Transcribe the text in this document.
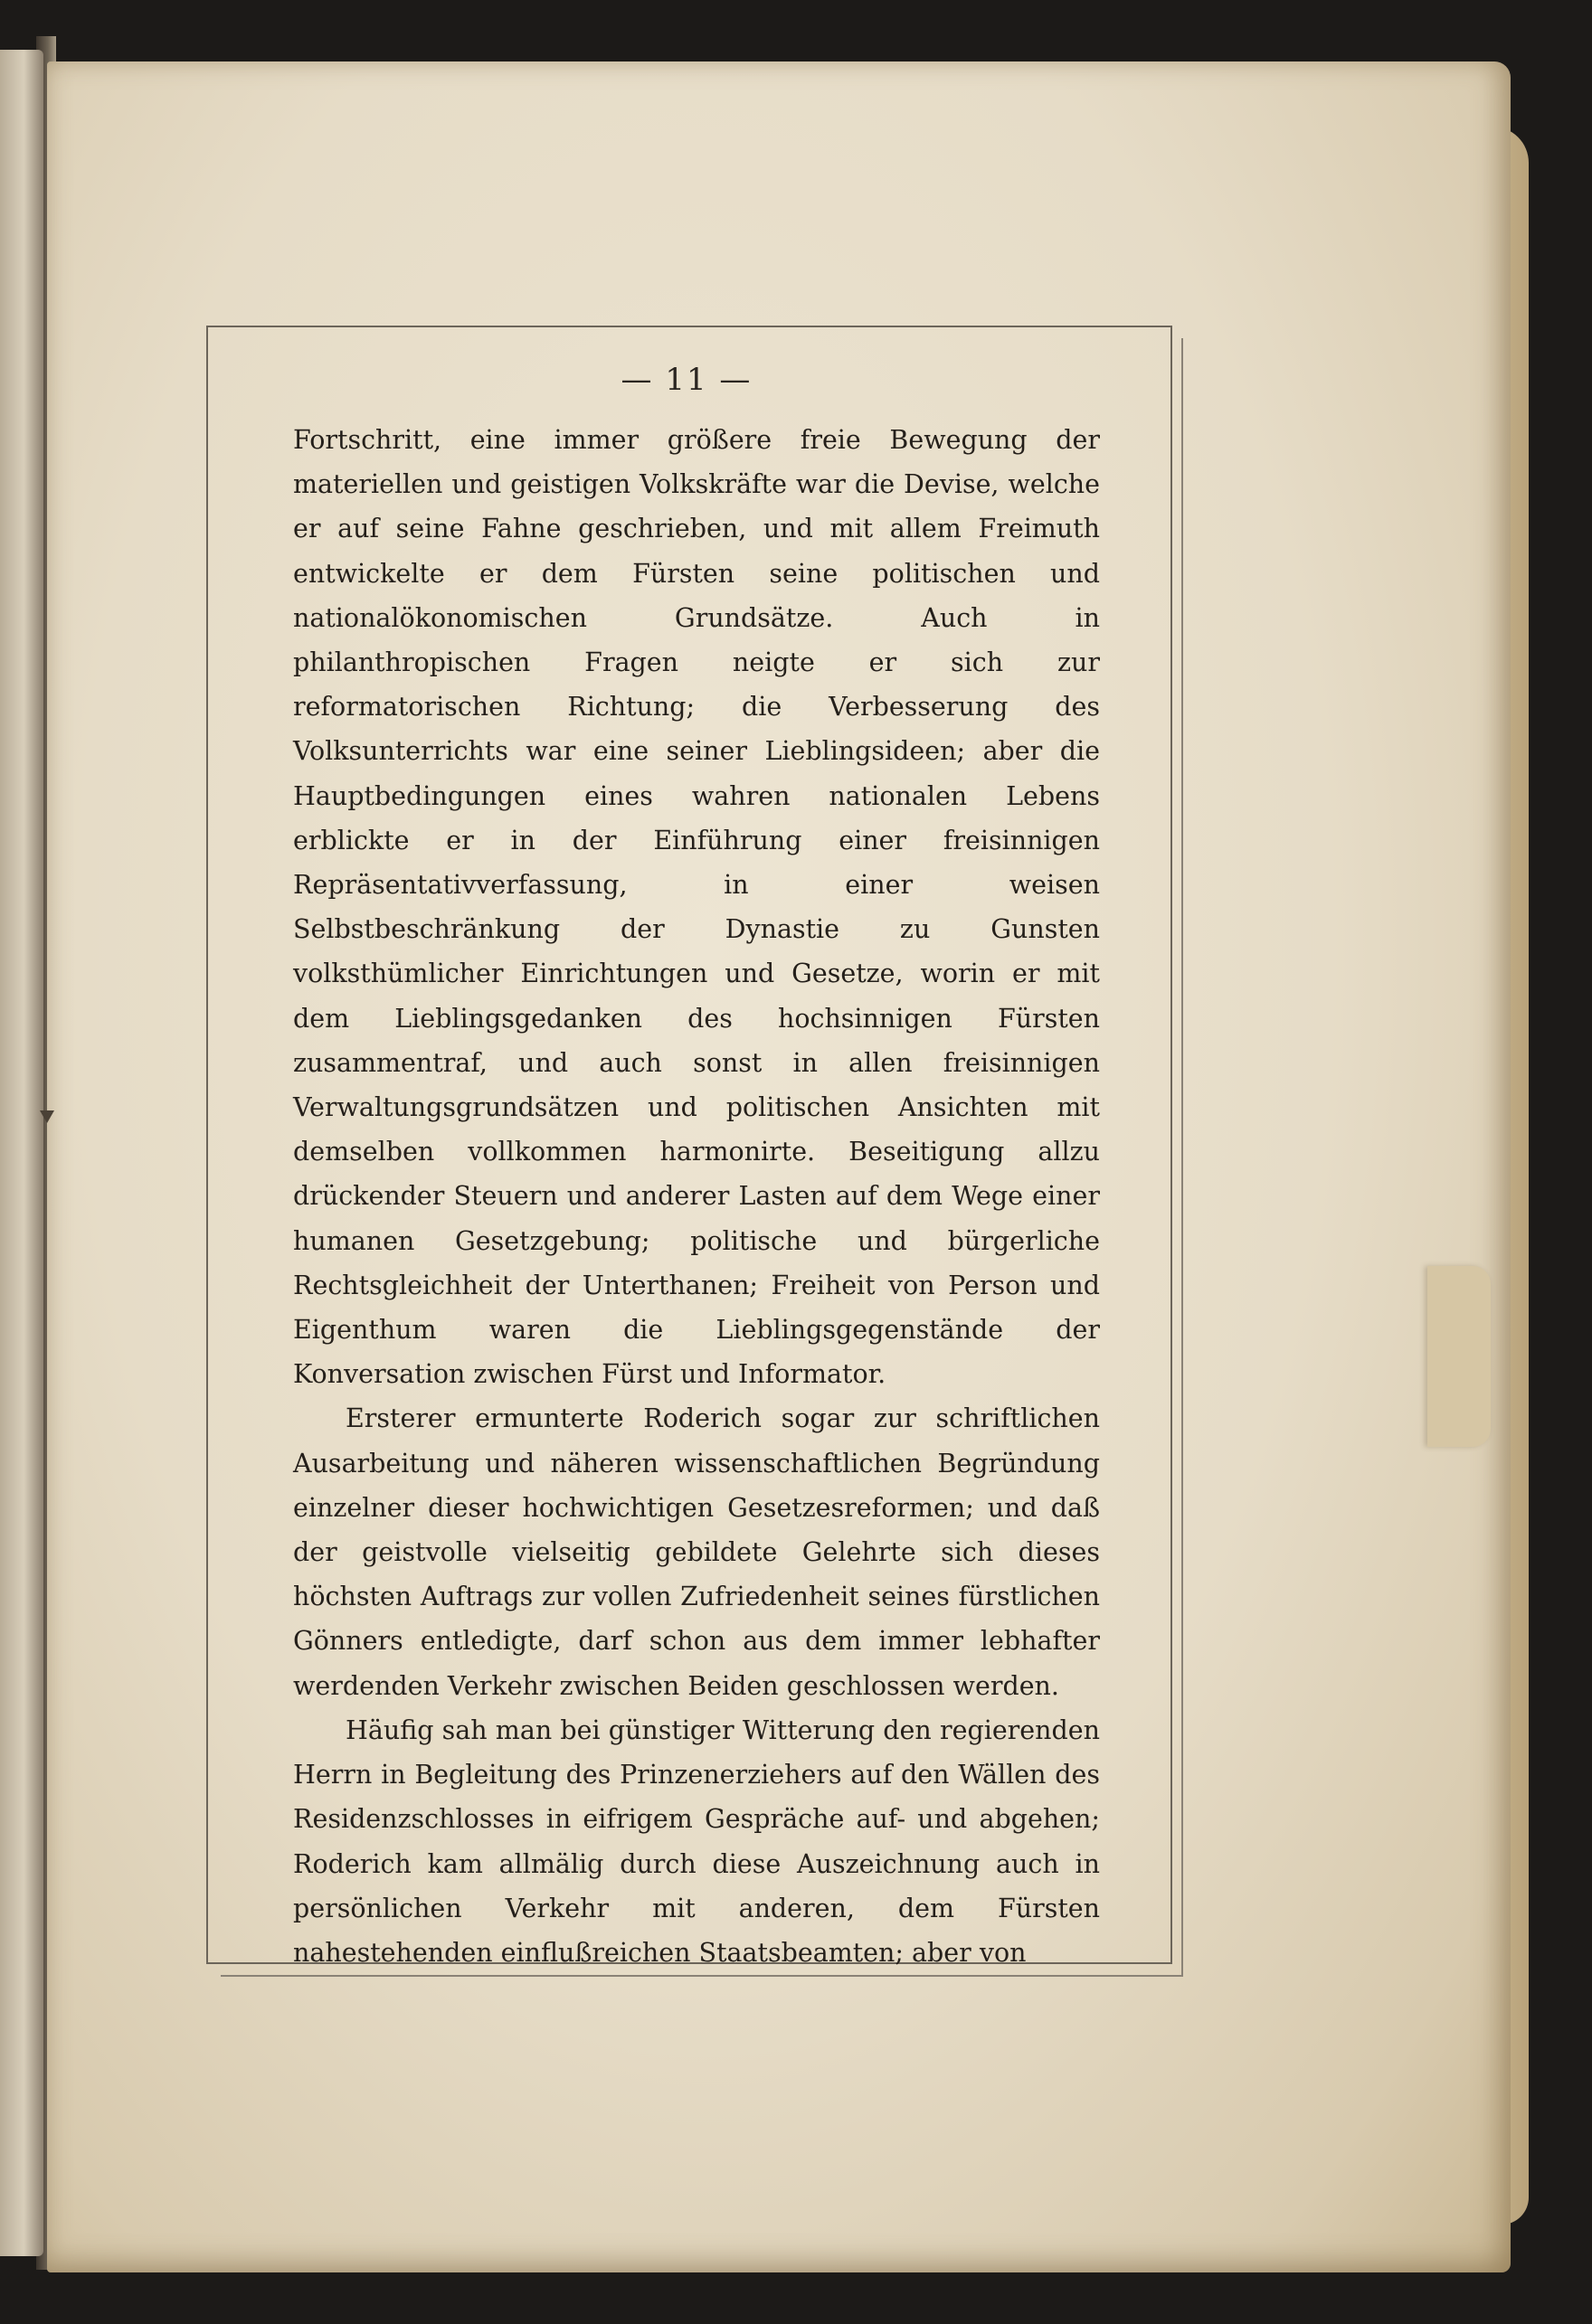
— 11 —

Fortschritt, eine immer größere freie Bewegung der materiellen und geistigen Volkskräfte war die Devise, welche er auf seine Fahne geschrieben, und mit allem Freimuth entwickelte er dem Fürsten seine politischen und nationalökonomischen Grundsätze. Auch in philanthropischen Fragen neigte er sich zur reformatorischen Richtung; die Verbesserung des Volksunterrichts war eine seiner Lieblingsideen; aber die Hauptbedingungen eines wahren nationalen Lebens erblickte er in der Einführung einer freisinnigen Repräsentativverfassung, in einer weisen Selbstbeschränkung der Dynastie zu Gunsten volksthümlicher Einrichtungen und Gesetze, worin er mit dem Lieblingsgedanken des hochsinnigen Fürsten zusammentraf, und auch sonst in allen freisinnigen Verwaltungsgrundsätzen und politischen Ansichten mit demselben vollkommen harmonirte. Beseitigung allzu drückender Steuern und anderer Lasten auf dem Wege einer humanen Gesetzgebung; politische und bürgerliche Rechtsgleichheit der Unterthanen; Freiheit von Person und Eigenthum waren die Lieblingsgegenstände der Konversation zwischen Fürst und Informator.

Ersterer ermunterte Roderich sogar zur schriftlichen Ausarbeitung und näheren wissenschaftlichen Begründung einzelner dieser hochwichtigen Gesetzesreformen; und daß der geistvolle vielseitig gebildete Gelehrte sich dieses höchsten Auftrags zur vollen Zufriedenheit seines fürstlichen Gönners entledigte, darf schon aus dem immer lebhafter werdenden Verkehr zwischen Beiden geschlossen werden.

Häufig sah man bei günstiger Witterung den regierenden Herrn in Begleitung des Prinzenerziehers auf den Wällen des Residenzschlosses in eifrigem Gespräche auf- und abgehen; Roderich kam allmälig durch diese Auszeichnung auch in persönlichen Verkehr mit anderen, dem Fürsten nahestehenden einflußreichen Staatsbeamten; aber von
